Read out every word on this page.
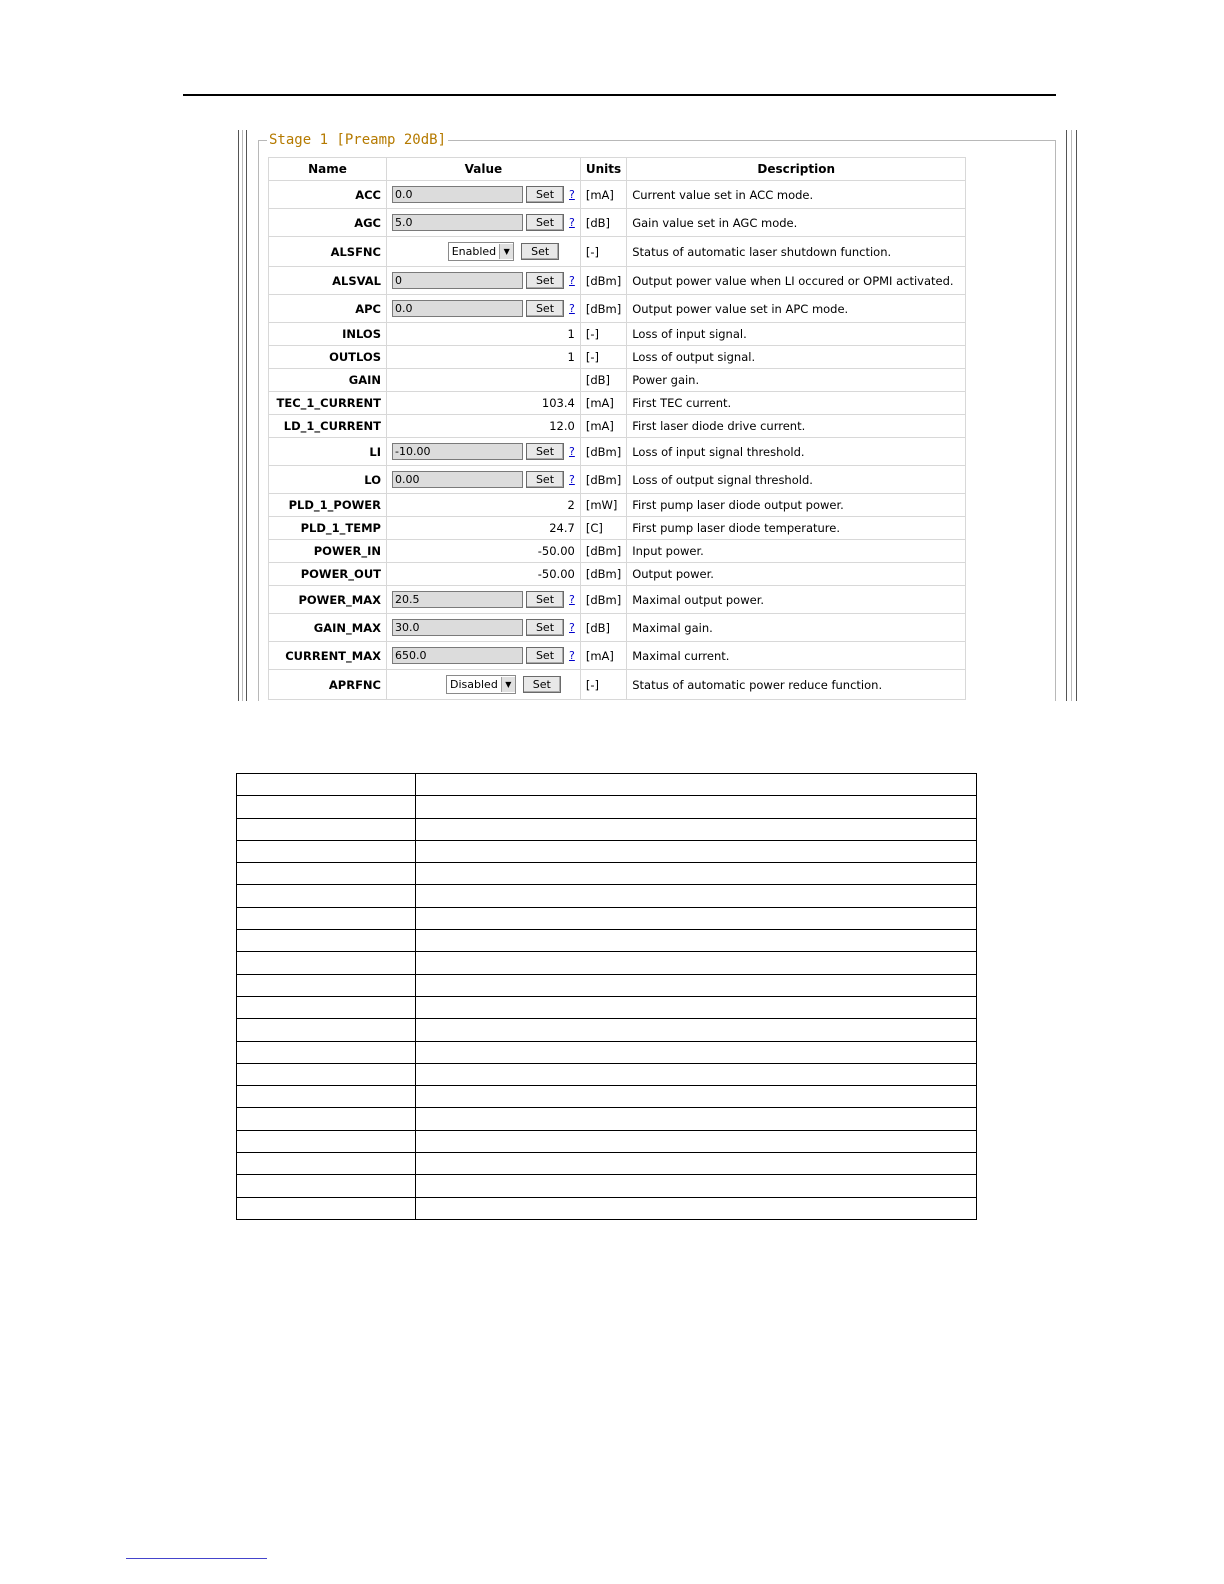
Stage 1 [Preamp 20dB]
Name	Value	Units	Description
ACC	0.0 Set ?	[mA]	Current value set in ACC mode.
AGC	5.0 Set ?	[dB]	Gain value set in AGC mode.
ALSFNC	Enabled ▼ Set	[-]	Status of automatic laser shutdown function.
ALSVAL	0 Set ?	[dBm]	Output power value when LI occured or OPMI activated.
APC	0.0 Set ?	[dBm]	Output power value set in APC mode.
INLOS	1	[-]	Loss of input signal.
OUTLOS	1	[-]	Loss of output signal.
GAIN		[dB]	Power gain.
TEC_1_CURRENT	103.4	[mA]	First TEC current.
LD_1_CURRENT	12.0	[mA]	First laser diode drive current.
LI	-10.00 Set ?	[dBm]	Loss of input signal threshold.
LO	0.00 Set ?	[dBm]	Loss of output signal threshold.
PLD_1_POWER	2	[mW]	First pump laser diode output power.
PLD_1_TEMP	24.7	[C]	First pump laser diode temperature.
POWER_IN	-50.00	[dBm]	Input power.
POWER_OUT	-50.00	[dBm]	Output power.
POWER_MAX	20.5 Set ?	[dBm]	Maximal output power.
GAIN_MAX	30.0 Set ?	[dB]	Maximal gain.
CURRENT_MAX	650.0 Set ?	[mA]	Maximal current.
APRFNC	Disabled ▼ Set	[-]	Status of automatic power reduce function.
